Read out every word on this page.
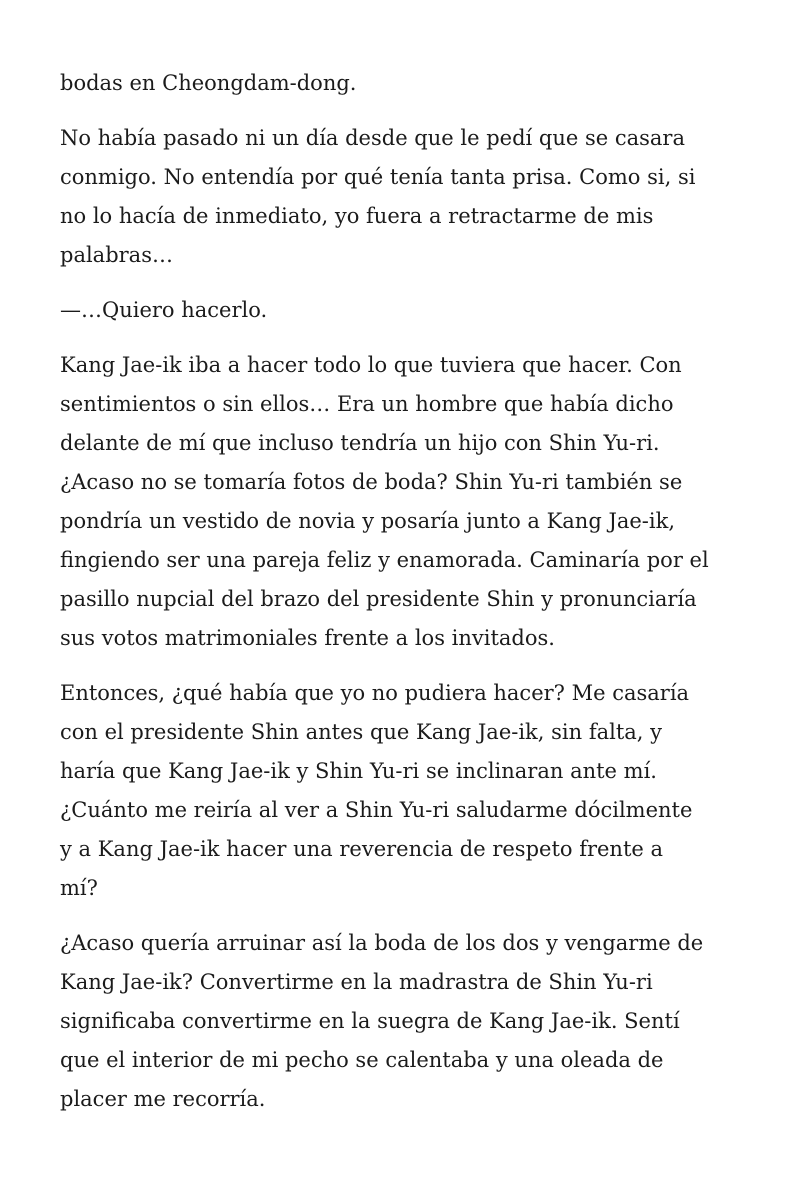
bodas en Cheongdam-dong.

No había pasado ni un día desde que le pedí que se casara
conmigo. No entendía por qué tenía tanta prisa. Como si, si
no lo hacía de inmediato, yo fuera a retractarme de mis
palabras…

—…Quiero hacerlo.

Kang Jae-ik iba a hacer todo lo que tuviera que hacer. Con
sentimientos o sin ellos… Era un hombre que había dicho
delante de mí que incluso tendría un hijo con Shin Yu-ri.
¿Acaso no se tomaría fotos de boda? Shin Yu-ri también se
pondría un vestido de novia y posaría junto a Kang Jae-ik,
fingiendo ser una pareja feliz y enamorada. Caminaría por el
pasillo nupcial del brazo del presidente Shin y pronunciaría
sus votos matrimoniales frente a los invitados.

Entonces, ¿qué había que yo no pudiera hacer? Me casaría
con el presidente Shin antes que Kang Jae-ik, sin falta, y
haría que Kang Jae-ik y Shin Yu-ri se inclinaran ante mí.
¿Cuánto me reiría al ver a Shin Yu-ri saludarme dócilmente
y a Kang Jae-ik hacer una reverencia de respeto frente a
mí?

¿Acaso quería arruinar así la boda de los dos y vengarme de
Kang Jae-ik? Convertirme en la madrastra de Shin Yu-ri
significaba convertirme en la suegra de Kang Jae-ik. Sentí
que el interior de mi pecho se calentaba y una oleada de
placer me recorría.
